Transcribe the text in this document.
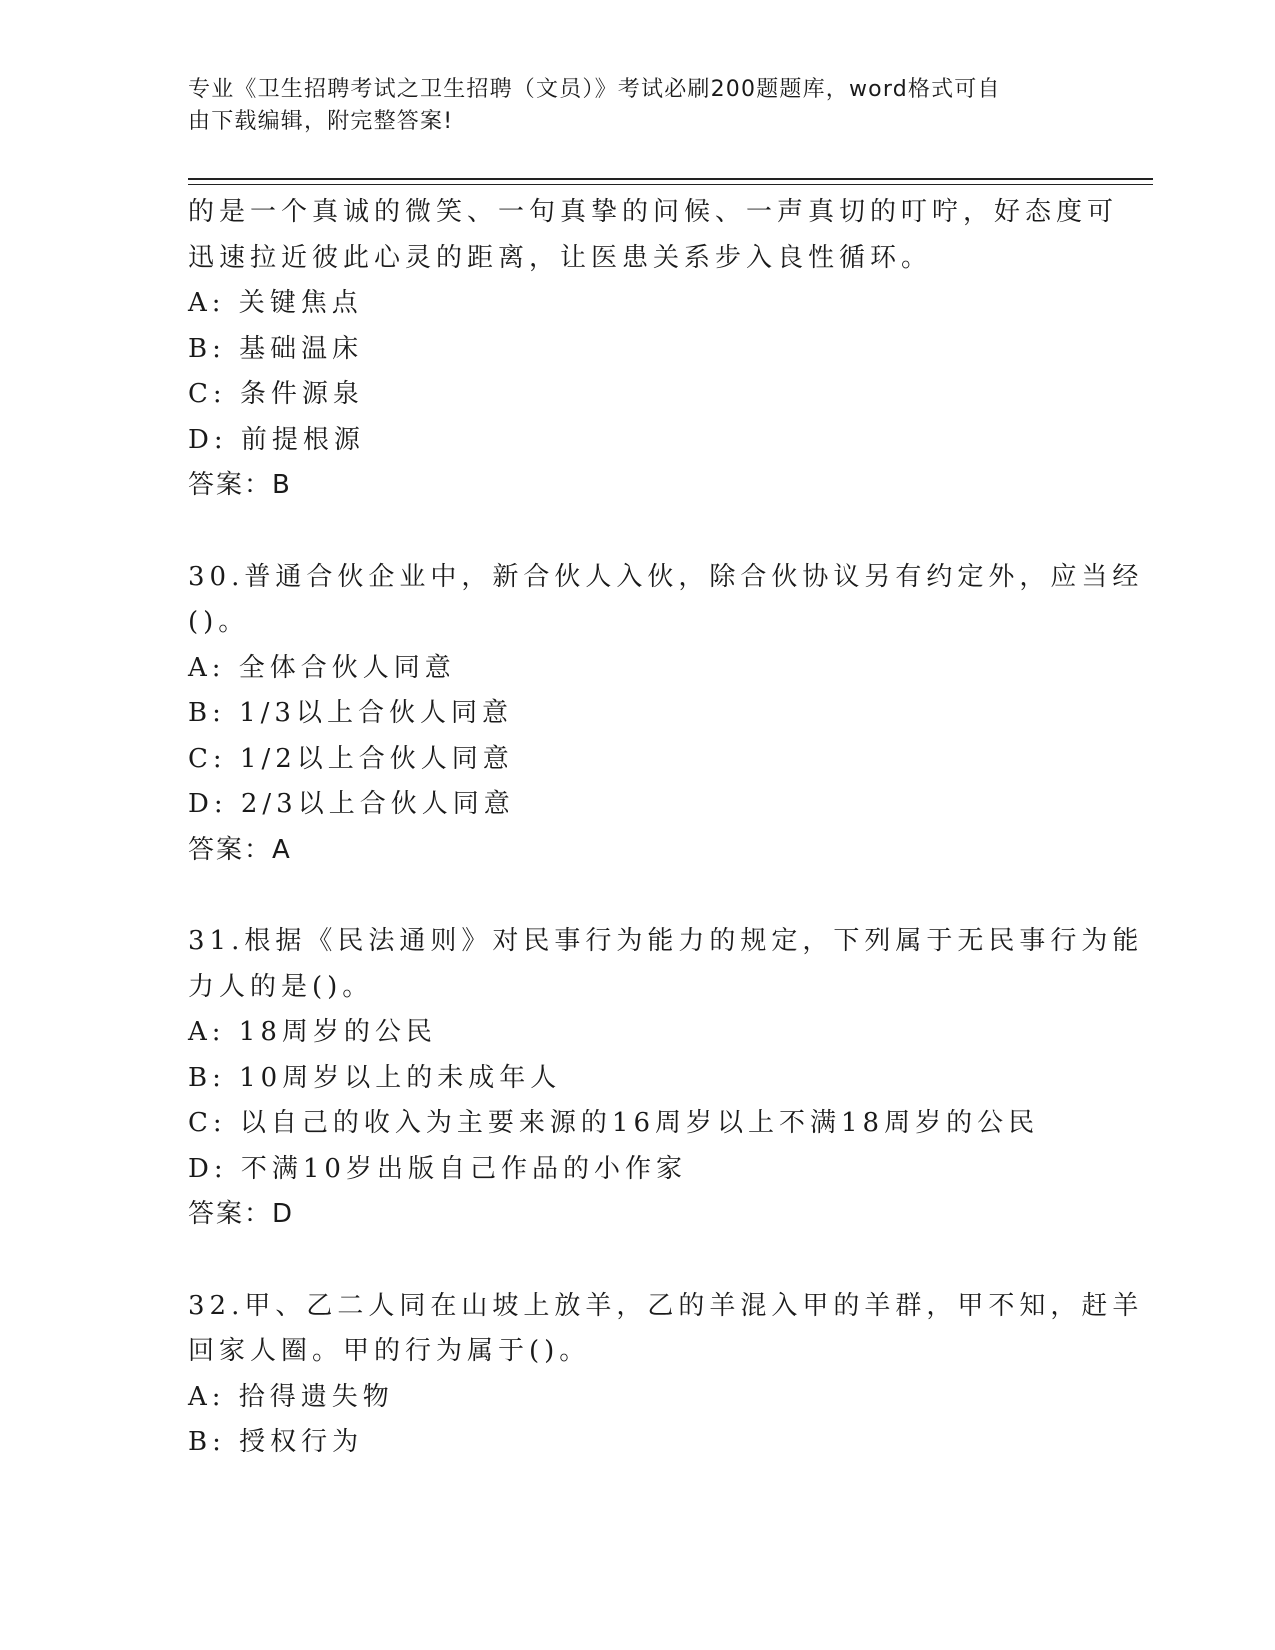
专业《卫生招聘考试之卫生招聘（文员）》考试必刷200题题库，word格式可自
由下载编辑，附完整答案!
的是一个真诚的微笑、一句真挚的问候、一声真切的叮咛，好态度可
迅速拉近彼此心灵的距离，让医患关系步入良性循环。
A: 关键焦点
B: 基础温床
C: 条件源泉
D: 前提根源
答案：B
30.普通合伙企业中，新合伙人入伙，除合伙协议另有约定外，应当经
()。
A: 全体合伙人同意
B: 1/3以上合伙人同意
C: 1/2以上合伙人同意
D: 2/3以上合伙人同意
答案：A
31.根据《民法通则》对民事行为能力的规定，下列属于无民事行为能
力人的是()。
A: 18周岁的公民
B: 10周岁以上的未成年人
C: 以自己的收入为主要来源的16周岁以上不满18周岁的公民
D: 不满10岁出版自己作品的小作家
答案：D
32.甲、乙二人同在山坡上放羊，乙的羊混入甲的羊群，甲不知，赶羊
回家人圈。甲的行为属于()。
A: 拾得遗失物
B: 授权行为
